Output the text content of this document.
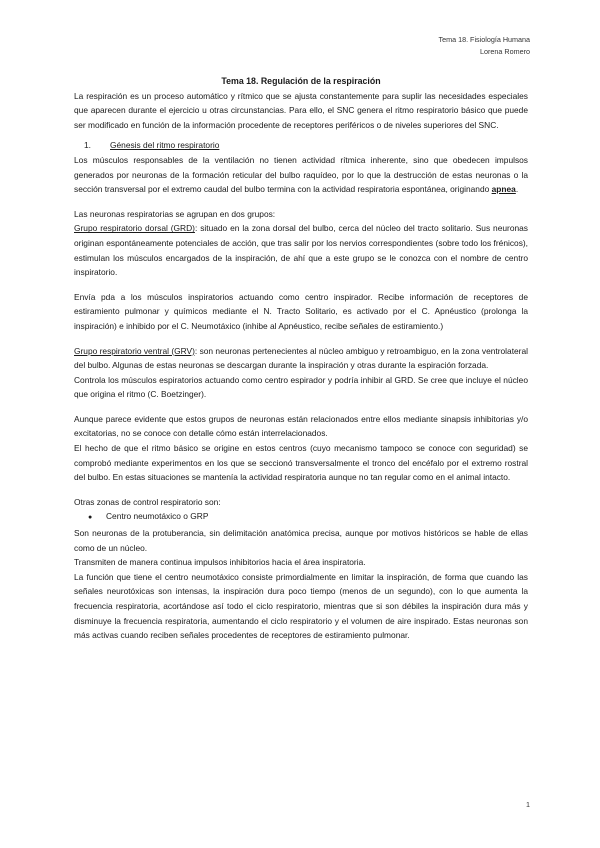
Tema 18. Fisiología Humana
Lorena Romero

Tema 18. Regulación de la respiración

La respiración es un proceso automático y rítmico que se ajusta constantemente para suplir las necesidades especiales que aparecen durante el ejercicio u otras circunstancias. Para ello, el SNC genera el ritmo respiratorio básico que puede ser modificado en función de la información procedente de receptores periféricos o de niveles superiores del SNC.

1. Génesis del ritmo respiratorio

Los músculos responsables de la ventilación no tienen actividad rítmica inherente, sino que obedecen impulsos generados por neuronas de la formación reticular del bulbo raquídeo, por lo que la destrucción de estas neuronas o la sección transversal por el extremo caudal del bulbo termina con la actividad respiratoria espontánea, originando apnea.

Las neuronas respiratorias se agrupan en dos grupos:

Grupo respiratorio dorsal (GRD): situado en la zona dorsal del bulbo, cerca del núcleo del tracto solitario. Sus neuronas originan espontáneamente potenciales de acción, que tras salir por los nervios correspondientes (sobre todo los frénicos), estimulan los músculos encargados de la inspiración, de ahí que a este grupo se le conozca con el nombre de centro inspiratorio.

Envía pda a los músculos inspiratorios actuando como centro inspirador. Recibe información de receptores de estiramiento pulmonar y químicos mediante el N. Tracto Solitario, es activado por el C. Apnéustico (prolonga la inspiración) e inhibido por el C. Neumotáxico (inhibe al Apnéustico, recibe señales de estiramiento.)

Grupo respiratorio ventral (GRV): son neuronas pertenecientes al núcleo ambiguo y retroambiguo, en la zona ventrolateral del bulbo. Algunas de estas neuronas se descargan durante la inspiración y otras durante la espiración forzada.

Controla los músculos espiratorios actuando como centro espirador y podría inhibir al GRD. Se cree que incluye el núcleo que origina el ritmo (C. Boetzinger).

Aunque parece evidente que estos grupos de neuronas están relacionados entre ellos mediante sinapsis inhibitorias y/o excitatorias, no se conoce con detalle cómo están interrelacionados.

El hecho de que el ritmo básico se origine en estos centros (cuyo mecanismo tampoco se conoce con seguridad) se comprobó mediante experimentos en los que se seccionó transversalmente el tronco del encéfalo por el extremo rostral del bulbo. En estas situaciones se mantenía la actividad respiratoria aunque no tan regular como en el animal intacto.

Otras zonas de control respiratorio son:

● Centro neumotáxico o GRP

Son neuronas de la protuberancia, sin delimitación anatómica precisa, aunque por motivos históricos se hable de ellas como de un núcleo.

Transmiten de manera continua impulsos inhibitorios hacia el área inspiratoria.

La función que tiene el centro neumotáxico consiste primordialmente en limitar la inspiración, de forma que cuando las señales neurotóxicas son intensas, la inspiración dura poco tiempo (menos de un segundo), con lo que aumenta la frecuencia respiratoria, acortándose así todo el ciclo respiratorio, mientras que si son débiles la inspiración dura más y disminuye la frecuencia respiratoria, aumentando el ciclo respiratorio y el volumen de aire inspirado. Estas neuronas son más activas cuando reciben señales procedentes de receptores de estiramiento pulmonar.

1
